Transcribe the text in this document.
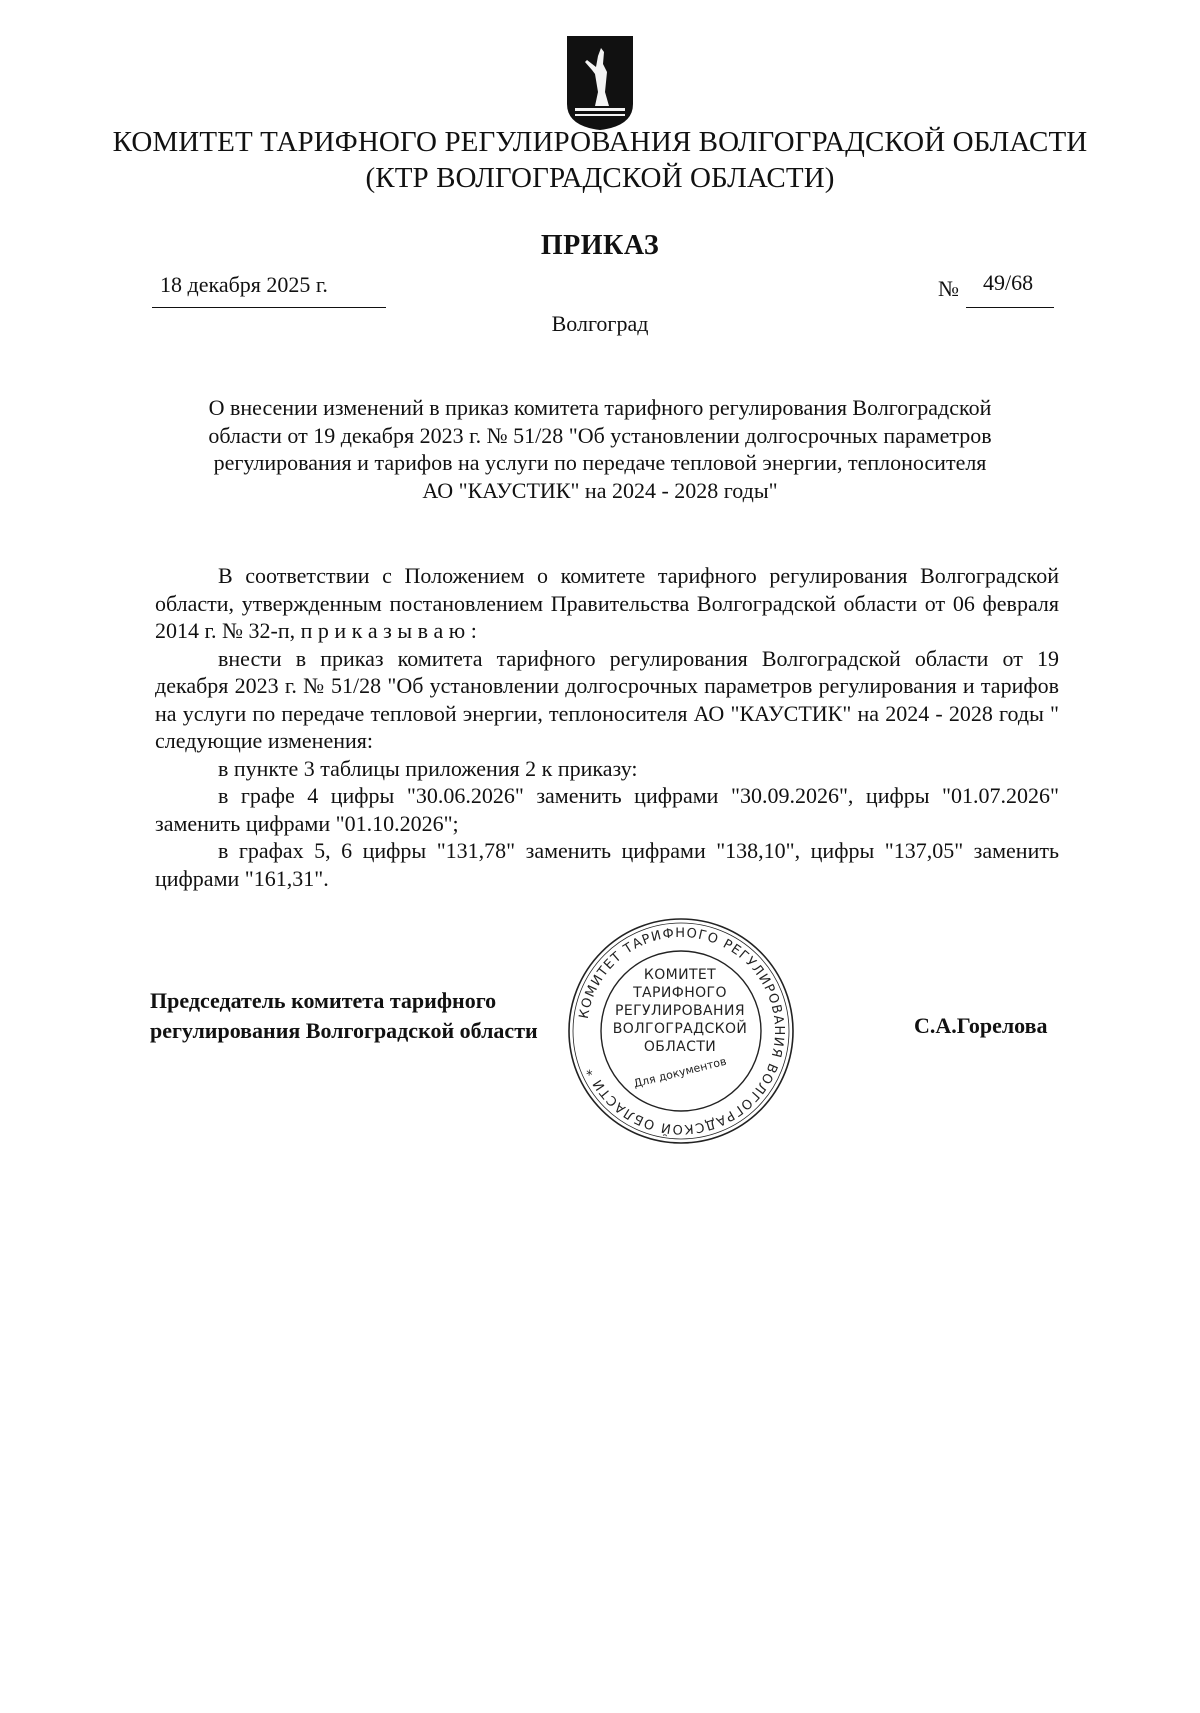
КОМИТЕТ ТАРИФНОГО РЕГУЛИРОВАНИЯ ВОЛГОГРАДСКОЙ ОБЛАСТИ
(КТР ВОЛГОГРАДСКОЙ ОБЛАСТИ)
ПРИКАЗ
18 декабря 2025 г.	№ 49/68
Волгоград
О внесении изменений в приказ комитета тарифного регулирования Волгоградской
области от 19 декабря 2023 г. № 51/28 "Об установлении долгосрочных параметров
регулирования и тарифов на услуги по передаче тепловой энергии, теплоносителя
АО "КАУСТИК" на 2024 - 2028 годы"

В соответствии с Положением о комитете тарифного регулирования Волгоградской области, утвержденным постановлением Правительства Волгоградской области от 06 февраля 2014 г. № 32-п, п р и к а з ы в а ю :

внести в приказ комитета тарифного регулирования Волгоградской области от 19 декабря 2023 г. № 51/28 "Об установлении долгосрочных параметров регулирования и тарифов на услуги по передаче тепловой энергии, теплоносителя АО "КАУСТИК" на 2024 - 2028 годы " следующие изменения:

в пункте 3 таблицы приложения 2 к приказу:

в графе 4 цифры "30.06.2026" заменить цифрами "30.09.2026", цифры "01.07.2026" заменить цифрами "01.10.2026";

в графах 5, 6 цифры "131,78" заменить цифрами "138,10", цифры "137,05" заменить цифрами "161,31".

Председатель комитета тарифного
регулирования Волгоградской области
КОМИТЕТ ТАРИФНОГО РЕГУЛИРОВАНИЯ ВОЛГОГРАДСКОЙ ОБЛАСТИ *
КОМИТЕТ
ТАРИФНОГО
РЕГУЛИРОВАНИЯ
ВОЛГОГРАДСКОЙ
ОБЛАСТИ
Для документов
С.А.Горелова
